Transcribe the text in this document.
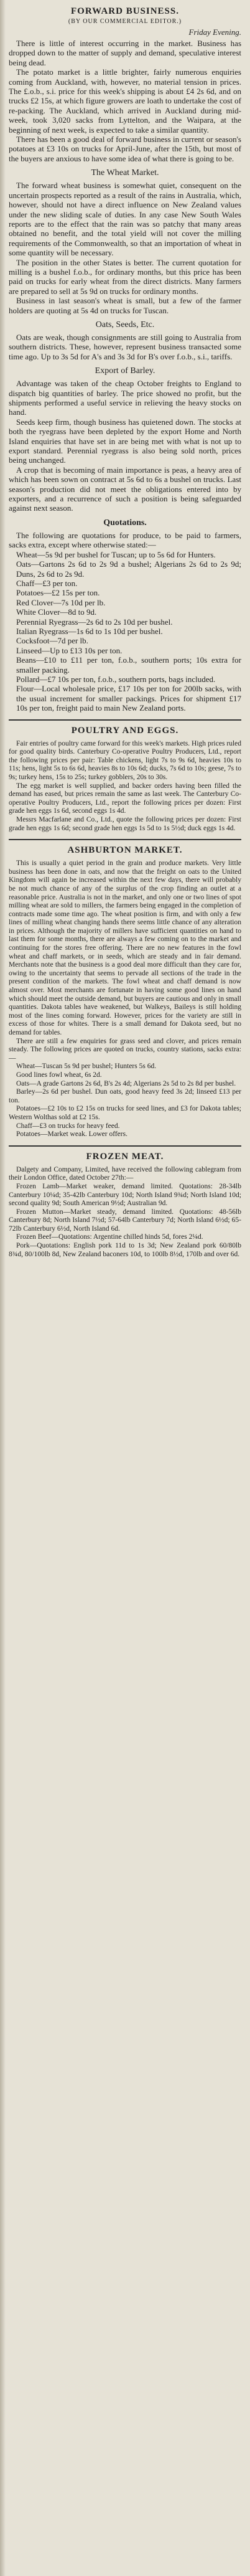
FORWARD BUSINESS.
(BY OUR COMMERCIAL EDITOR.)
Friday Evening.

There is little of interest occurring in the market. Business has dropped down to the matter of supply and demand, speculative interest being dead.

The potato market is a little brighter, fairly numerous enquiries coming from Auckland, with, however, no material tension in prices. The £.o.b., s.i. price for this week's shipping is about £4 2s 6d, and on trucks £2 15s, at which figure growers are loath to undertake the cost of re-packing. The Auckland, which arrived in Auckland during mid-week, took 3,020 sacks from Lyttelton, and the Waipara, at the beginning of next week, is expected to take a similar quantity.

There has been a good deal of forward business in current or season's potatoes at £3 10s on trucks for April-June, after the 15th, but most of the buyers are anxious to have some idea of what there is going to be.

The Wheat Market.

The forward wheat business is somewhat quiet, consequent on the uncertain prospects reported as a result of the rains in Australia, which, however, should not have a direct influence on New Zealand values under the new sliding scale of duties. In any case New South Wales reports are to the effect that the rain was so patchy that many areas obtained no benefit, and the total yield will not cover the milling requirements of the Commonwealth, so that an importation of wheat in some quantity will be necessary.

The position in the other States is better. The current quotation for milling is a bushel f.o.b., for ordinary months, but this price has been paid on trucks for early wheat from the direct districts. Many farmers are prepared to sell at 5s 9d on trucks for ordinary months.

Business in last season's wheat is small, but a few of the farmer holders are quoting at 5s 4d on trucks for Tuscan.

Oats, Seeds, Etc.

Oats are weak, though consignments are still going to Australia from southern districts. These, however, represent business transacted some time ago. Up to 3s 5d for A's and 3s 3d for B's over f.o.b., s.i., tariffs.

Export of Barley.

Advantage was taken of the cheap October freights to England to dispatch big quantities of barley. The price showed no profit, but the shipments performed a useful service in relieving the heavy stocks on hand.

Seeds keep firm, though business has quietened down. The stocks at both the ryegrass have been depleted by the export Home and North Island enquiries that have set in are being met with what is not up to export standard. Perennial ryegrass is also being sold north, prices being unchanged.

A crop that is becoming of main importance is peas, a heavy area of which has been sown on contract at 5s 6d to 6s a bushel on trucks. Last season's production did not meet the obligations entered into by exporters, and a recurrence of such a position is being safeguarded against next season.

Quotations.

The following are quotations for produce, to be paid to farmers, sacks extra, except where otherwise stated:—

Wheat—5s 9d per bushel for Tuscan; up to 5s 6d for Hunters.

Oats—Gartons 2s 6d to 2s 9d a bushel; Algerians 2s 6d to 2s 9d; Duns, 2s 6d to 2s 9d.

Chaff—£3 per ton.

Potatoes—£2 15s per ton.

Red Clover—7s 10d per lb.

White Clover—8d to 9d.

Perennial Ryegrass—2s 6d to 2s 10d per bushel.

Italian Ryegrass—1s 6d to 1s 10d per bushel.

Cocksfoot—7d per lb.

Linseed—Up to £13 10s per ton.

Beans—£10 to £11 per ton, f.o.b., southern ports; 10s extra for smaller packing.

Pollard—£7 10s per ton, f.o.b., southern ports, bags included.

Flour—Local wholesale price, £17 10s per ton for 200lb sacks, with the usual increment for smaller packings. Prices for shipment £17 10s per ton, freight paid to main New Zealand ports.

POULTRY AND EGGS.

Fair entries of poultry came forward for this week's markets. High prices ruled for good quality birds. Canterbury Co-operative Poultry Producers, Ltd., report the following prices per pair: Table chickens, light 7s to 9s 6d, heavies 10s to 11s; hens, light 5s to 6s 6d, heavies 8s to 10s 6d; ducks, 7s 6d to 10s; geese, 7s to 9s; turkey hens, 15s to 25s; turkey gobblers, 20s to 30s.

The egg market is well supplied, and backer orders having been filled the demand has eased, but prices remain the same as last week. The Canterbury Co-operative Poultry Producers, Ltd., report the following prices per dozen: First grade hen eggs 1s 6d, second eggs 1s 4d.

Messrs Macfarlane and Co., Ltd., quote the following prices per dozen: First grade hen eggs 1s 6d; second grade hen eggs 1s 5d to 1s 5½d; duck eggs 1s 4d.

ASHBURTON MARKET.

This is usually a quiet period in the grain and produce markets. Very little business has been done in oats, and now that the freight on oats to the United Kingdom will again be increased within the next few days, there will probably be not much chance of any of the surplus of the crop finding an outlet at a reasonable price. Australia is not in the market, and only one or two lines of spot milling wheat are sold to millers, the farmers being engaged in the completion of contracts made some time ago. The wheat position is firm, and with only a few lines of milling wheat changing hands there seems little chance of any alteration in prices. Although the majority of millers have sufficient quantities on hand to last them for some months, there are always a few coming on to the market and continuing for the stores free offering. There are no new features in the fowl wheat and chaff markets, or in seeds, which are steady and in fair demand. Merchants note that the business is a good deal more difficult than they care for, owing to the uncertainty that seems to pervade all sections of the trade in the present condition of the markets. The fowl wheat and chaff demand is now almost over. Most merchants are fortunate in having some good lines on hand which should meet the outside demand, but buyers are cautious and only in small quantities. Dakota tables have weakened, but Walkeys, Baileys is still holding most of the lines coming forward. However, prices for the variety are still in excess of those for whites. There is a small demand for Dakota seed, but no demand for tables.

There are still a few enquiries for grass seed and clover, and prices remain steady. The following prices are quoted on trucks, country stations, sacks extra:—

Wheat—Tuscan 5s 9d per bushel; Hunters 5s 6d.

Good lines fowl wheat, 6s 2d.

Oats—A grade Gartons 2s 6d, B's 2s 4d; Algerians 2s 5d to 2s 8d per bushel.

Barley—2s 6d per bushel. Dun oats, good heavy feed 3s 2d; linseed £13 per ton.

Potatoes—£2 10s to £2 15s on trucks for seed lines, and £3 for Dakota tables; Western Wolthas sold at £2 15s.

Chaff—£3 on trucks for heavy feed.

Potatoes—Market weak. Lower offers.

FROZEN MEAT.

Dalgety and Company, Limited, have received the following cablegram from their London Office, dated October 27th:—

Frozen Lamb—Market weaker, demand limited. Quotations: 28-34lb Canterbury 10¼d; 35-42lb Canterbury 10d; North Island 9¾d; North Island 10d; second quality 9d; South American 9½d; Australian 9d.

Frozen Mutton—Market steady, demand limited. Quotations: 48-56lb Canterbury 8d; North Island 7½d; 57-64lb Canterbury 7d; North Island 6½d; 65-72lb Canterbury 6½d, North Island 6d.

Frozen Beef—Quotations: Argentine chilled hinds 5d, fores 2¼d.

Pork—Quotations: English pork 11d to 1s 3d; New Zealand pork 60/80lb 8¾d, 80/100lb 8d, New Zealand baconers 10d, to 100lb 8½d, 170lb and over 6d.
